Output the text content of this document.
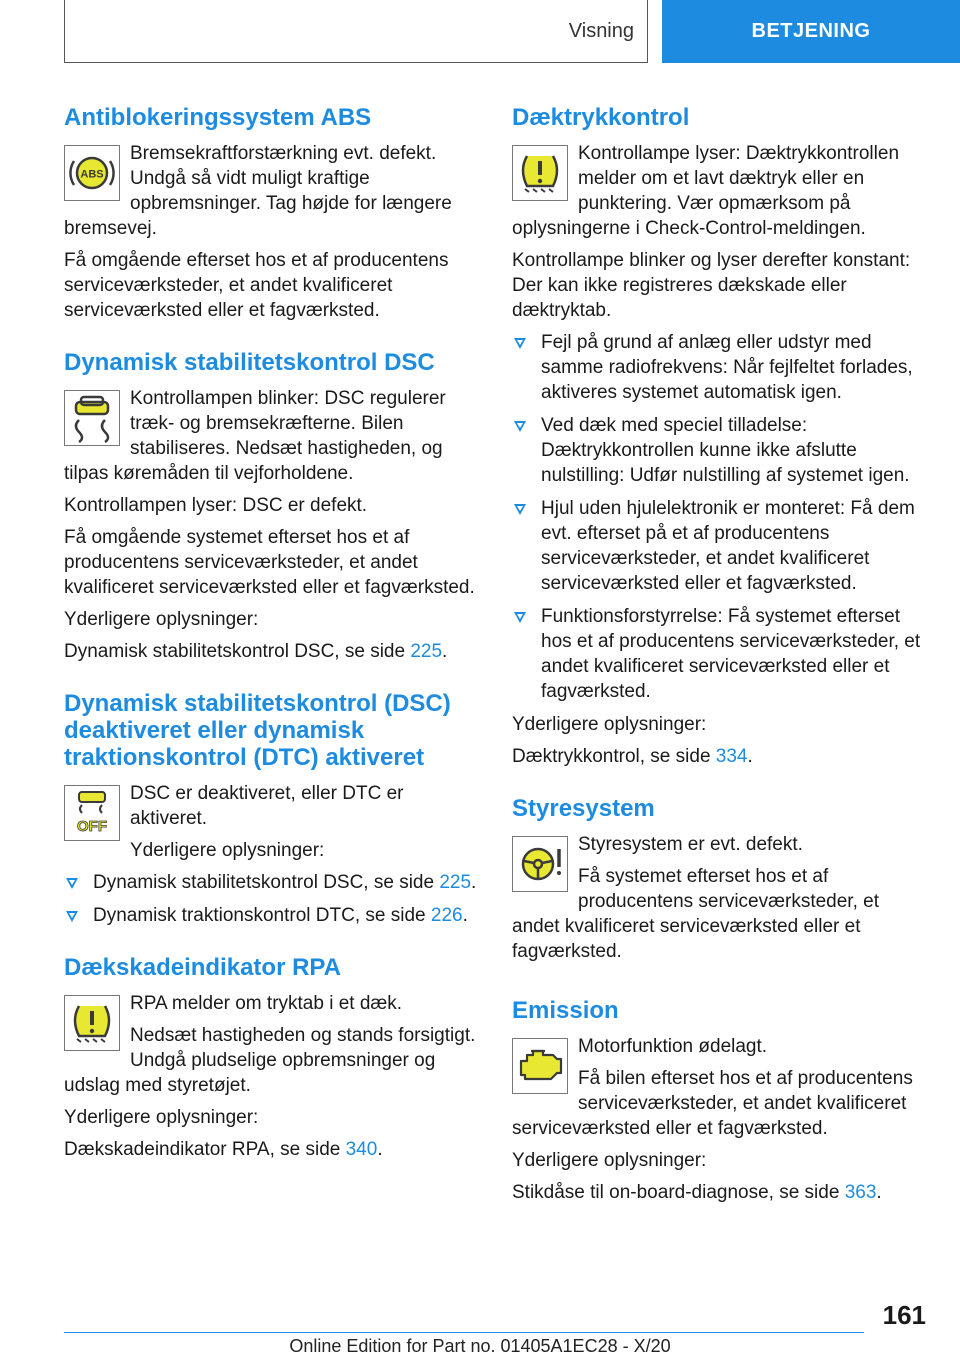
Visning	BETJENING
Antiblokeringssystem ABS
ABS

Bremsekraftforstærkning evt. defekt. Undgå så vidt muligt kraftige opbremsninger. Tag højde for længere bremsevej.

Få omgående efterset hos et af producentens serviceværksteder, et andet kvalificeret serviceværksted eller et fagværksted.

Dynamisk stabilitetskontrol DSC

Kontrollampen blinker: DSC regulerer træk- og bremsekræfterne. Bilen stabiliseres. Nedsæt hastigheden, og tilpas køremåden til vejforholdene.

Kontrollampen lyser: DSC er defekt.

Få omgående systemet efterset hos et af producentens serviceværksteder, et andet kvalificeret serviceværksted eller et fagværksted.

Yderligere oplysninger:

Dynamisk stabilitetskontrol DSC, se side 225.

Dynamisk stabilitetskontrol (DSC) deaktiveret eller dynamisk traktionskontrol (DTC) aktiveret
OFF

DSC er deaktiveret, eller DTC er aktiveret.

Yderligere oplysninger:

Dynamisk stabilitetskontrol DSC, se side 225.
Dynamisk traktionskontrol DTC, se side 226.
Dækskadeindikator RPA

RPA melder om tryktab i et dæk.

Nedsæt hastigheden og stands forsigtigt. Undgå pludselige opbremsninger og udslag med styretøjet.

Yderligere oplysninger:

Dækskadeindikator RPA, se side 340.

Dæktrykkontrol

Kontrollampe lyser: Dæktrykkontrollen melder om et lavt dæktryk eller en punktering. Vær opmærksom på oplysningerne i Check-Control-meldingen.

Kontrollampe blinker og lyser derefter konstant: Der kan ikke registreres dækskade eller dæktryktab.

Fejl på grund af anlæg eller udstyr med samme radiofrekvens: Når fejlfeltet forlades, aktiveres systemet automatisk igen.
Ved dæk med speciel tilladelse: Dæktrykkontrollen kunne ikke afslutte nulstilling: Udfør nulstilling af systemet igen.
Hjul uden hjulelektronik er monteret: Få dem evt. efterset på et af producentens serviceværksteder, et andet kvalificeret serviceværksted eller et fagværksted.
Funktionsforstyrrelse: Få systemet efterset hos et af producentens serviceværksteder, et andet kvalificeret serviceværksted eller et fagværksted.

Yderligere oplysninger:

Dæktrykkontrol, se side 334.

Styresystem

Styresystem er evt. defekt.

Få systemet efterset hos et af producentens serviceværksteder, et andet kvalificeret serviceværksted eller et fagværksted.

Emission

Motorfunktion ødelagt.

Få bilen efterset hos et af producentens serviceværksteder, et andet kvalificeret serviceværksted eller et fagværksted.

Yderligere oplysninger:

Stikdåse til on-board-diagnose, se side 363.

161
Online Edition for Part no. 01405A1EC28 - X/20
